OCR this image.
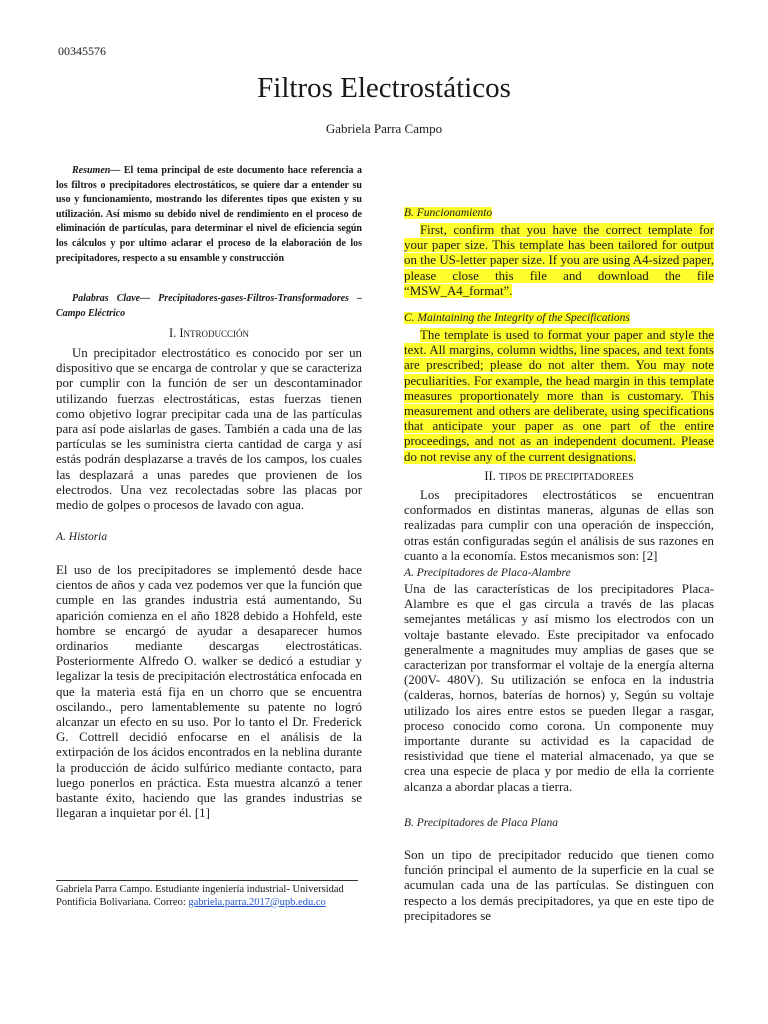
00345576
Filtros Electrostáticos
Gabriela Parra Campo
Resumen— El tema principal de este documento hace referencia a los filtros o precipitadores electrostáticos, se quiere dar a entender su uso y funcionamiento, mostrando los diferentes tipos que existen y su utilización. Así mismo su debido nivel de rendimiento en el proceso de eliminación de partículas, para determinar el nivel de eficiencia según los cálculos y por ultimo aclarar el proceso de la elaboración de los precipitadores, respecto a su ensamble y construcción
Palabras Clave— Precipitadores-gases-Filtros-Transformadores –Campo Eléctrico
I. Introducción

Un precipitador electrostático es conocido por ser un dispositivo que se encarga de controlar y que se caracteriza por cumplir con la función de ser un descontaminador utilizando fuerzas electrostáticas, estas fuerzas tienen como objetivo lograr precipitar cada una de las partículas para así pode aislarlas de gases. También a cada una de las partículas se les suministra cierta cantidad de carga y así estás podrán desplazarse a través de los campos, los cuales las desplazará a unas paredes que provienen de los electrodos. Una vez recolectadas sobre las placas por medio de golpes o procesos de lavado con agua.

A. Historia

El uso de los precipitadores se implementó desde hace cientos de años y cada vez podemos ver que la función que cumple en las grandes industria está aumentando, Su aparición comienza en el año 1828 debido a Hohfeld, este hombre se encargó de ayudar a desaparecer humos ordinarios mediante descargas electrostáticas. Posteriormente Alfredo O. walker se dedicó a estudiar y legalizar la tesis de precipitación electrostática enfocada en que la materia está fija en un chorro que se encuentra oscilando., pero lamentablemente su patente no logró alcanzar un efecto en su uso. Por lo tanto el Dr. Frederick G. Cottrell decidió enfocarse en el análisis de la extirpación de los ácidos encontrados en la neblina durante la producción de ácido sulfúrico mediante contacto, para luego ponerlos en práctica. Esta muestra alcanzó a tener bastante éxito, haciendo que las grandes industrias se llegaran a inquietar por él. [1]

Gabriela Parra Campo. Estudiante ingeniería industrial- Universidad Pontificia Bolivariana. Correo: gabriela.parra.2017@upb.edu.co
B. Funcionamiento

First, confirm that you have the correct template for your paper size. This template has been tailored for output on the US-letter paper size. If you are using A4-sized paper, please close this file and download the file “MSW_A4_format”.

C. Maintaining the Integrity of the Specifications

The template is used to format your paper and style the text. All margins, column widths, line spaces, and text fonts are prescribed; please do not alter them. You may note peculiarities. For example, the head margin in this template measures proportionately more than is customary. This measurement and others are deliberate, using specifications that anticipate your paper as one part of the entire proceedings, and not as an independent document. Please do not revise any of the current designations.

II. TIPOS DE PRECIPITADOREES

Los precipitadores electrostáticos se encuentran conformados en distintas maneras, algunas de ellas son realizadas para cumplir con una operación de inspección, otras están configuradas según el análisis de sus razones en cuanto a la economía. Estos mecanismos son: [2]

A. Precipitadores de Placa-Alambre

Una de las características de los precipitadores Placa-Alambre es que el gas circula a través de las placas semejantes metálicas y así mismo los electrodos con un voltaje bastante elevado. Este precipitador va enfocado generalmente a magnitudes muy amplias de gases que se caracterizan por transformar el voltaje de la energía alterna (200V- 480V). Su utilización se enfoca en la industria (calderas, hornos, baterías de hornos) y, Según su voltaje utilizado los aires entre estos se pueden llegar a rasgar, proceso conocido como corona. Un componente muy importante durante su actividad es la capacidad de resistividad que tiene el material almacenado, ya que se crea una especie de placa y por medio de ella la corriente alcanza a abordar placas a tierra.

B. Precipitadores de Placa Plana

Son un tipo de precipitador reducido que tienen como función principal el aumento de la superficie en la cual se acumulan cada una de las partículas. Se distinguen con respecto a los demás precipitadores, ya que en este tipo de precipitadores se
